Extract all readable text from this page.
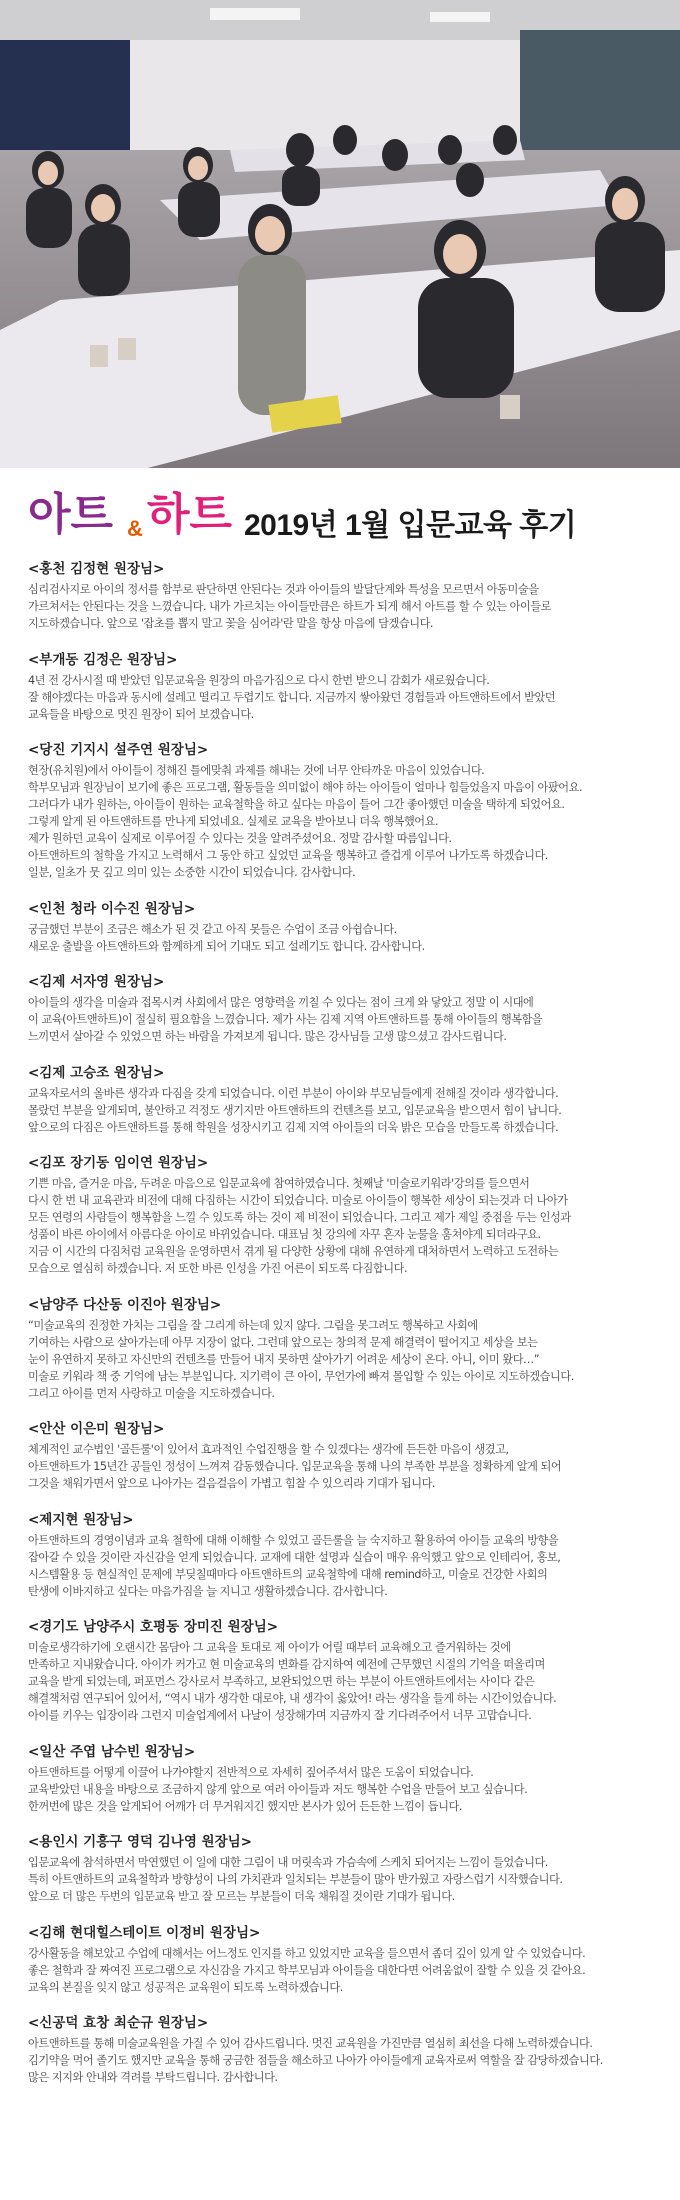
아트 & 하트 2019년 1월 입문교육 후기
<홍천 김정현 원장님>
심리검사지로 아이의 정서를 함부로 판단하면 안된다는 것과 아이들의 발달단계와 특성을 모르면서 아동미술을
가르쳐서는 안된다는 것을 느꼈습니다. 내가 가르치는 아이들만큼은 하트가 되게 해서 아트를 할 수 있는 아이들로
지도하겠습니다. 앞으로 '잡초를 뽑지 말고 꽃을 심어라'란 말을 항상 마음에 담겠습니다.
<부개동 김정은 원장님>
4년 전 강사시절 때 받았던 입문교육을 원장의 마음가짐으로 다시 한번 받으니 감회가 새로웠습니다.
잘 해야겠다는 마음과 동시에 설레고 떨리고 두렵기도 합니다. 지금까지 쌓아왔던 경험들과 아트앤하트에서 받았던
교육들을 바탕으로 멋진 원장이 되어 보겠습니다.
<당진 기지시 설주연 원장님>
현장(유치원)에서 아이들이 정해진 틀에맞춰 과제를 해내는 것에 너무 안타까운 마음이 있었습니다.
학부모님과 원장님이 보기에 좋은 프로그램, 활동들을 의미없이 해야 하는 아이들이 얼마나 힘들었을지 마음이 아팠어요.
그러다가 내가 원하는, 아이들이 원하는 교육철학을 하고 싶다는 마음이 들어 그간 좋아했던 미술을 택하게 되었어요.
그렇게 알게 된 아트앤하트를 만나게 되었네요. 실제로 교육을 받아보니 더욱 행복했어요.
제가 원하던 교육이 실제로 이루어질 수 있다는 것을 알려주셨어요. 정말 감사할 따름입니다.
아트앤하트의 철학을 가지고 노력해서 그 동안 하고 싶었던 교육을 행복하고 즐겁게 이루어 나가도록 하겠습니다.
일분, 일초가 뭇 깊고 의미 있는 소중한 시간이 되었습니다. 감사합니다.
<인천 청라 이수진 원장님>
궁금했던 부분이 조금은 해소가 된 것 같고 아직 못들은 수업이 조금 아쉽습니다.
새로운 출발을 아트앤하트와 함께하게 되어 기대도 되고 설레기도 합니다. 감사합니다.
<김제 서자영 원장님>
아이들의 생각을 미술과 접목시켜 사회에서 많은 영향력을 끼칠 수 있다는 점이 크게 와 닿았고 정말 이 시대에
이 교육(아트앤하트)이 절실히 필요함을 느꼈습니다. 제가 사는 김제 지역 아트앤하트를 통해 아이들의 행복함을
느끼면서 살아갈 수 있었으면 하는 바람을 가져보게 됩니다. 많은 강사님들 고생 많으셨고 감사드립니다.
<김제 고승조 원장님>
교육자로서의 올바른 생각과 다짐을 갖게 되었습니다. 이런 부분이 아이와 부모님들에게 전해질 것이라 생각합니다.
몰랐던 부분을 알게되며, 불안하고 걱정도 생기지만 아트앤하트의 컨텐츠를 보고, 입문교육을 받으면서 힘이 납니다.
앞으로의 다짐은 아트앤하트를 통해 학원을 성장시키고 김제 지역 아이들의 더욱 밝은 모습을 만들도록 하겠습니다.
<김포 장기동 임이연 원장님>
기쁜 마음, 즐거운 마음, 두려운 마음으로 입문교육에 참여하였습니다. 첫째날 '미술로키워라'강의를 들으면서
다시 한 번 내 교육관과 비전에 대해 다짐하는 시간이 되었습니다. 미술로 아이들이 행복한 세상이 되는것과 더 나아가
모든 연령의 사람들이 행복함을 느낄 수 있도록 하는 것이 제 비전이 되었습니다. 그리고 제가 제일 중점을 두는 인성과
성품이 바른 아이에서 아름다운 아이로 바뀌었습니다. 대표님 첫 강의에 자꾸 혼자 눈물을 훔쳐야게 되더라구요.
지금 이 시간의 다짐처럼 교육원을 운영하면서 겪게 될 다양한 상황에 대해 유연하게 대처하면서 노력하고 도전하는
모습으로 열심히 하겠습니다. 저 또한 바른 인성을 가진 어른이 되도록 다짐합니다.
<남양주 다산동 이진아 원장님>
“미술교육의 진정한 가치는 그림을 잘 그리게 하는데 있지 않다. 그림을 못그려도 행복하고 사회에
기여하는 사람으로 살아가는데 아무 지장이 없다. 그런데 앞으로는 창의적 문제 해결력이 떨어지고 세상을 보는
눈이 유연하지 못하고 자신만의 컨텐츠를 만들어 내지 못하면 살아가기 어려운 세상이 온다. 아니, 이미 왔다…”
미술로 키워라 책 중 기억에 남는 부분입니다. 지기력이 큰 아이, 무언가에 빠져 몰입할 수 있는 아이로 지도하겠습니다.
그리고 아이를 먼저 사랑하고 미술을 지도하겠습니다.
<안산 이은미 원장님>
체계적인 교수법인 '골든룰'이 있어서 효과적인 수업진행을 할 수 있겠다는 생각에 든든한 마음이 생겼고,
아트앤하트가 15년간 공들인 정성이 느껴져 감동했습니다. 입문교육을 통해 나의 부족한 부분을 정확하게 알게 되어
그것을 채워가면서 앞으로 나아가는 걸음걸음이 가볍고 힘찰 수 있으리라 기대가 됩니다.
<제지현 원장님>
아트앤하트의 경영이념과 교육 철학에 대해 이해할 수 있었고 골든룰을 늘 숙지하고 활용하여 아이들 교육의 방향을
잡아갈 수 있을 것이란 자신감을 얻게 되었습니다. 교재에 대한 설명과 실습이 매우 유익했고 앞으로 인테리어, 홍보,
시스템활용 등 현실적인 문제에 부딪칠때마다 아트앤하트의 교육철학에 대해 remind하고, 미술로 건강한 사회의
탄생에 이바지하고 싶다는 마음가짐을 늘 지니고 생활하겠습니다. 감사합니다.
<경기도 남양주시 호평동 장미진 원장님>
미술로생각하기에 오랜시간 몸담아 그 교육을 토대로 제 아이가 어릴 때부터 교육해오고 즐거워하는 것에
만족하고 지내왔습니다. 아이가 커가고 현 미술교육의 변화를 감지하여 예전에 근무했던 시절의 기억을 떠올리며
교육을 받게 되었는데, 퍼포먼스 강사로서 부족하고, 보완되었으면 하는 부분이 아트앤하트에서는 사이다 같은
해결책처럼 연구되어 있어서, “역시 내가 생각한 대로야, 내 생각이 옳았어! 라는 생각을 들게 하는 시간이었습니다.
아이를 키우는 입장이라 그런지 미술업계에서 나날이 성장해가며 지금까지 잘 기다려주어서 너무 고맙습니다.
<일산 주엽 남수빈 원장님>
아트앤하트를 어떻게 이끌어 나가야할지 전반적으로 자세히 짚어주셔서 많은 도움이 되었습니다.
교육받았던 내용을 바탕으로 조금하지 않게 앞으로 여러 아이들과 저도 행복한 수업을 만들어 보고 싶습니다.
한꺼번에 많은 것을 알게되어 어깨가 더 무거워지긴 했지만 본사가 있어 든든한 느낌이 듭니다.
<용인시 기흥구 영덕 김나영 원장님>
입문교육에 참석하면서 막연했던 이 일에 대한 그림이 내 머릿속과 가슴속에 스케치 되어지는 느낌이 들었습니다.
특히 아트앤하트의 교육철학과 방향성이 나의 가치관과 일치되는 부분들이 많아 반가웠고 자랑스럽기 시작했습니다.
앞으로 더 많은 두번의 입문교육 받고 잘 모르는 부분들이 더욱 채워질 것이란 기대가 됩니다.
<김해 현대힐스테이트 이정비 원장님>
강사활동을 해보았고 수업에 대해서는 어느정도 인지를 하고 있었지만 교육을 들으면서 좀더 깊이 있게 알 수 있었습니다.
좋은 철학과 잘 짜여진 프로그램으로 자신감을 가지고 학부모님과 아이들을 대한다면 어려움없이 잘할 수 있을 것 같아요.
교육의 본질을 잊지 않고 성공적은 교육원이 되도록 노력하겠습니다.
<신공덕 효창 최순규 원장님>
아트앤하트를 통해 미술교육원을 가질 수 있어 감사드립니다. 멋진 교육원을 가진만큼 열심히 최선을 다해 노력하겠습니다.
김기약을 먹어 졸기도 했지만 교육을 통해 궁금한 점들을 해소하고 나아가 아이들에게 교육자로써 역할을 잘 감당하겠습니다.
많은 지지와 안내와 격려를 부탁드립니다. 감사합니다.
